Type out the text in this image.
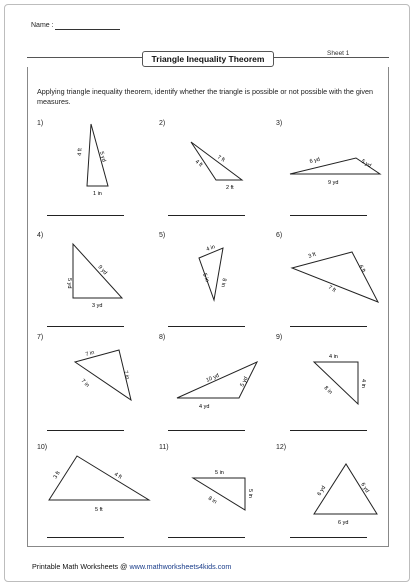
Name :
Triangle Inequality Theorem
Sheet 1
Applying triangle inequality theorem, identify whether the triangle is possible or not possible with the given measures.
1)
4 ft	5 yd
1 in
2)
4 ft 7 ft
2 ft
3)
6 yd	5 yd
9 yd
4)
5 yd
9 yd
3 yd
5)
4 in
5 in 8 in
6)
3 ft
6 ft
7 ft
7)
7 in
7 in
7 in
8)
10 yd	5 yd
4 yd
9)
4 in
8 in
4 in
10)
3 ft	4 ft
5 ft
11)
5 in
8 in
5 in
12)
6 yd	6 yd
6 yd
Printable Math Worksheets @ www.mathworksheets4kids.com
